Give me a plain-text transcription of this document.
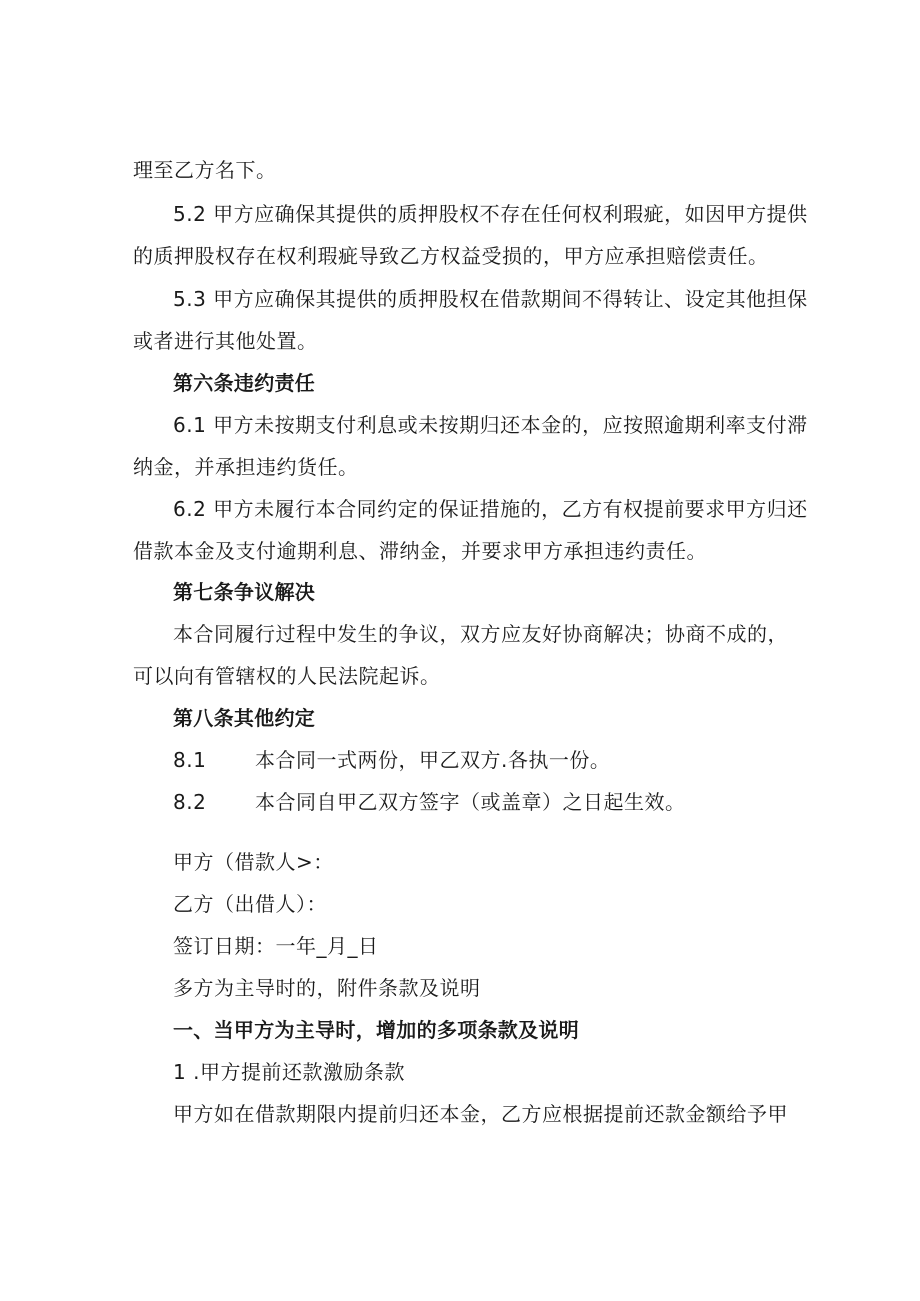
理至乙方名下。
5.2 甲方应确保其提供的质押股权不存在任何权利瑕疵，如因甲方提供
的质押股权存在权利瑕疵导致乙方权益受损的，甲方应承担赔偿责任。
5.3 甲方应确保其提供的质押股权在借款期间不得转让、设定其他担保
或者进行其他处置。
第六条违约责任
6.1 甲方未按期支付利息或未按期归还本金的，应按照逾期利率支付滞
纳金，并承担违约货任。
6.2 甲方未履行本合同约定的保证措施的，乙方有权提前要求甲方归还
借款本金及支付逾期利息、滞纳金，并要求甲方承担违约责任。
第七条争议解决
本合同履行过程中发生的争议，双方应友好协商解决；协商不成的，
可以向有管辖权的人民法院起诉。
第八条其他约定
8.1 本合同一式两份，甲乙双方.各执一份。
8.2 本合同自甲乙双方签字（或盖章）之日起生效。
甲方（借款人>：
乙方（出借人）：
签订日期：一年_月_日
多方为主导时的，附件条款及说明
一、当甲方为主导时，增加的多项条款及说明
1 .甲方提前还款激励条款
甲方如在借款期限内提前归还本金，乙方应根据提前还款金额给予甲
